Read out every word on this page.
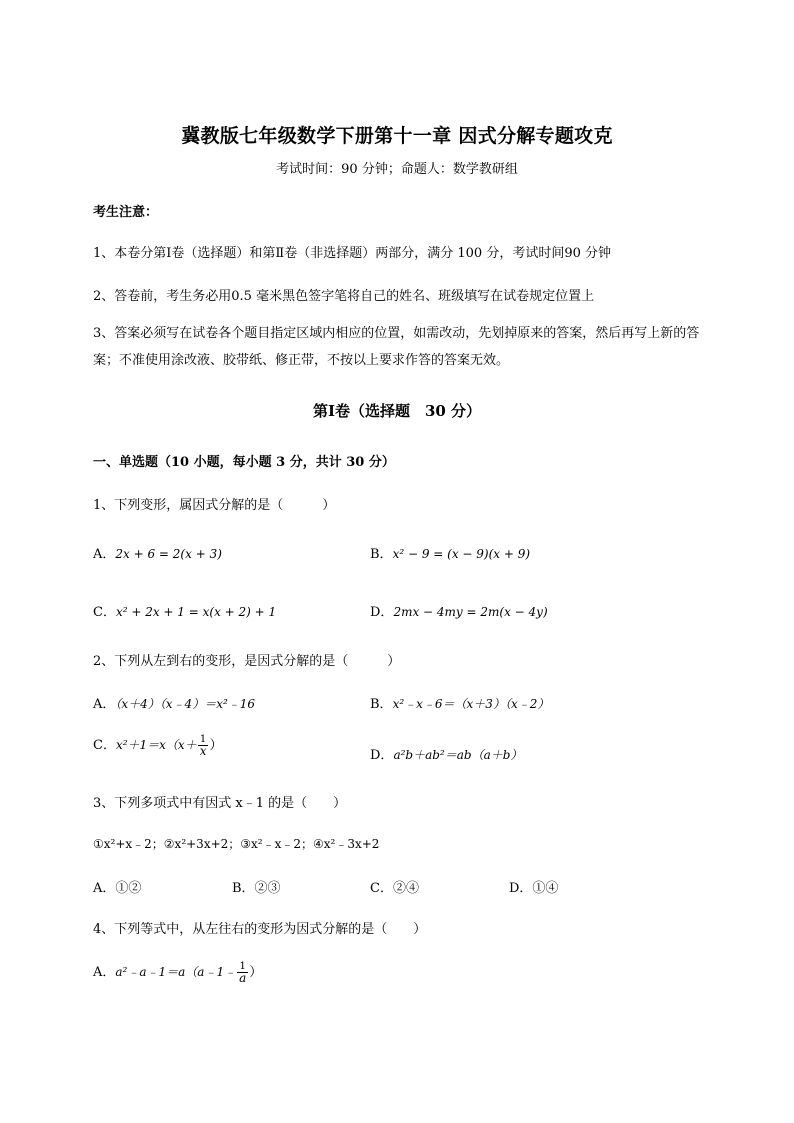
冀教版七年级数学下册第十一章 因式分解专题攻克
考试时间：90 分钟；命题人：数学教研组
考生注意：
1、本卷分第Ⅰ卷（选择题）和第Ⅱ卷（非选择题）两部分，满分 100 分，考试时间90 分钟
2、答卷前，考生务必用0.5 毫米黑色签字笔将自己的姓名、班级填写在试卷规定位置上
3、答案必须写在试卷各个题目指定区域内相应的位置，如需改动，先划掉原来的答案，然后再写上新的答案；不准使用涂改液、胶带纸、修正带，不按以上要求作答的答案无效。
第Ⅰ卷（选择题　30 分）
一、单选题（10 小题，每小题 3 分，共计 30 分）
1、下列变形，属因式分解的是（　　　）
A．2x + 6 = 2(x + 3)	B．x² − 9 = (x − 9)(x + 9)
C．x² + 2x + 1 = x(x + 2) + 1	D．2mx − 4my = 2m(x − 4y)
2、下列从左到右的变形，是因式分解的是（　　　）
A．（x＋4）（x﹣4）＝x²﹣16	B．x²﹣x﹣6＝（x＋3）（x﹣2）
C．$x^2+1=x(x+ \frac{1}{x}$ ）
D．a²b＋ab²＝ab（a＋b）
3、下列多项式中有因式 x﹣1 的是（　　）
①x²+x﹣2；②x²+3x+2；③x²﹣x﹣2；④x²﹣3x+2
A．①②	B．②③	C．②④	D．①④
4、下列等式中，从左往右的变形为因式分解的是（　　）
A．a²﹣a﹣1＝a（a﹣1﹣ $\frac{1}{a}$ ）
